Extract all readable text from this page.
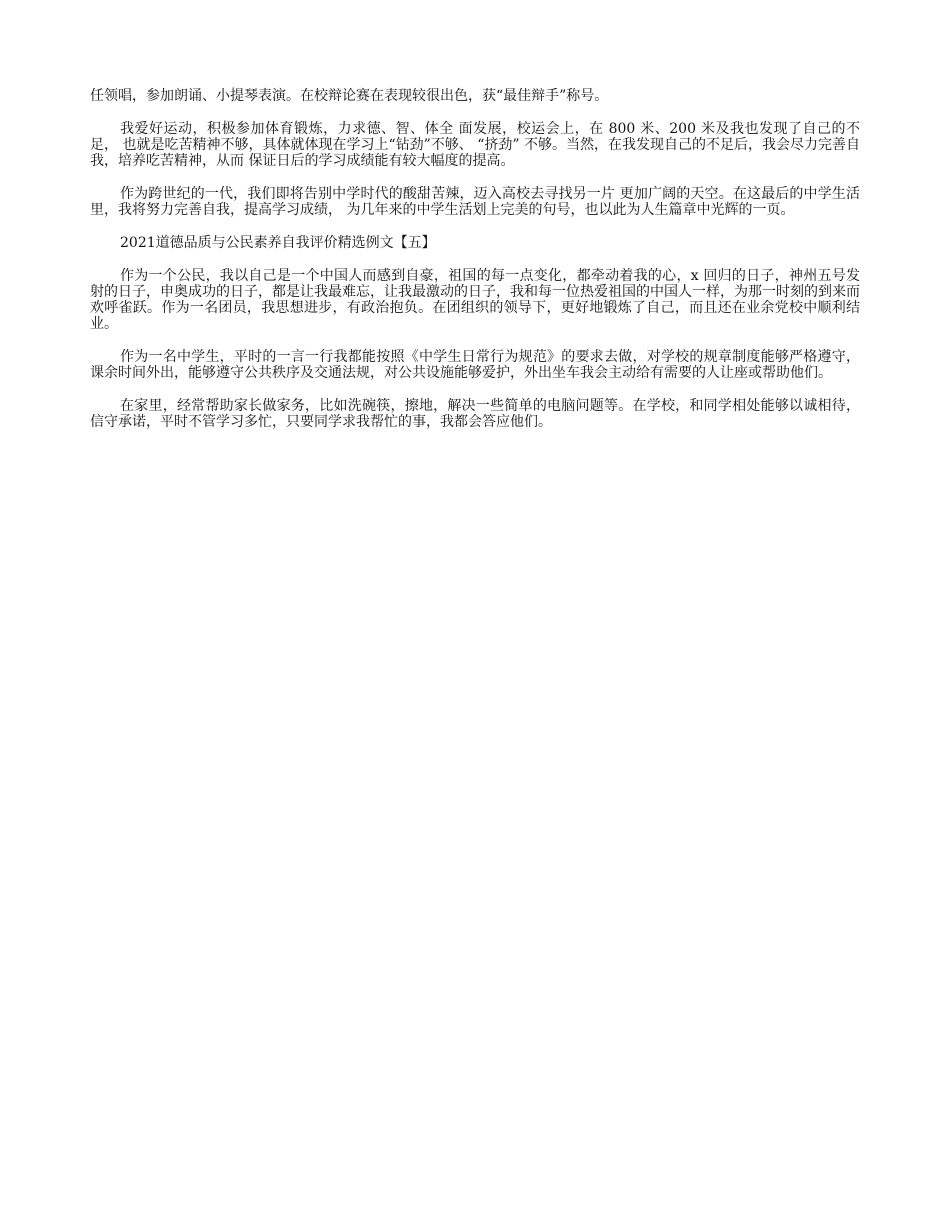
任领唱，参加朗诵、小提琴表演。在校辩论赛在表现较很出色，获“最佳辩手”称号。

我爱好运动，积极参加体育锻炼，力求德、智、体全 面发展，校运会上，在 800 米、200 米及我也发现了自己的不足， 也就是吃苦精神不够，具体就体现在学习上“钻劲”不够、 “挤劲” 不够。当然，在我发现自己的不足后，我会尽力完善自我，培养吃苦精神，从而 保证日后的学习成绩能有较大幅度的提高。

作为跨世纪的一代，我们即将告别中学时代的酸甜苦辣，迈入高校去寻找另一片 更加广阔的天空。在这最后的中学生活里，我将努力完善自我，提高学习成绩， 为几年来的中学生活划上完美的句号，也以此为人生篇章中光辉的一页。

2021道德品质与公民素养自我评价精选例文【五】

作为一个公民，我以自己是一个中国人而感到自豪，祖国的每一点变化，都牵动着我的心，x 回归的日子，神州五号发射的日子，申奥成功的日子，都是让我最难忘，让我最激动的日子，我和每一位热爱祖国的中国人一样，为那一时刻的到来而欢呼雀跃。作为一名团员，我思想进步，有政治抱负。在团组织的领导下，更好地锻炼了自己，而且还在业余党校中顺利结业。

作为一名中学生，平时的一言一行我都能按照《中学生日常行为规范》的要求去做，对学校的规章制度能够严格遵守，课余时间外出，能够遵守公共秩序及交通法规，对公共设施能够爱护，外出坐车我会主动给有需要的人让座或帮助他们。

在家里，经常帮助家长做家务，比如洗碗筷，擦地，解决一些简单的电脑问题等。在学校，和同学相处能够以诚相待，信守承诺，平时不管学习多忙，只要同学求我帮忙的事，我都会答应他们。
